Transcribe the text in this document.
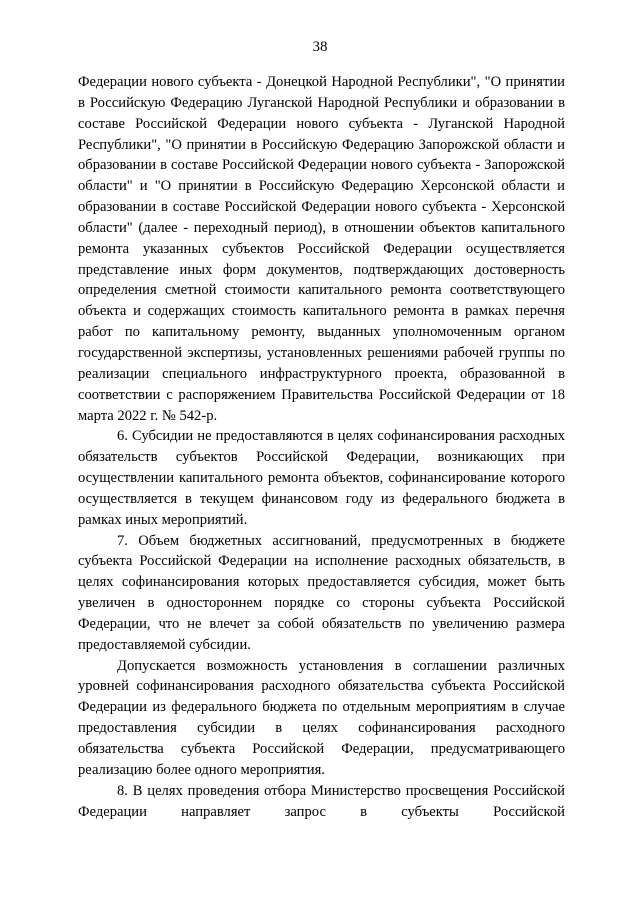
38

Федерации нового субъекта - Донецкой Народной Республики", "О принятии в Российскую Федерацию Луганской Народной Республики и образовании в составе Российской Федерации нового субъекта - Луганской Народной Республики", "О принятии в Российскую Федерацию Запорожской области и образовании в составе Российской Федерации нового субъекта - Запорожской области" и "О принятии в Российскую Федерацию Херсонской области и образовании в составе Российской Федерации нового субъекта - Херсонской области" (далее - переходный период), в отношении объектов капитального ремонта указанных субъектов Российской Федерации осуществляется представление иных форм документов, подтверждающих достоверность определения сметной стоимости капитального ремонта соответствующего объекта и содержащих стоимость капитального ремонта в рамках перечня работ по капитальному ремонту, выданных уполномоченным органом государственной экспертизы, установленных решениями рабочей группы по реализации специального инфраструктурного проекта, образованной в соответствии с распоряжением Правительства Российской Федерации от 18 марта 2022 г. № 542-р.

6. Субсидии не предоставляются в целях софинансирования расходных обязательств субъектов Российской Федерации, возникающих при осуществлении капитального ремонта объектов, софинансирование которого осуществляется в текущем финансовом году из федерального бюджета в рамках иных мероприятий.

7. Объем бюджетных ассигнований, предусмотренных в бюджете субъекта Российской Федерации на исполнение расходных обязательств, в целях софинансирования которых предоставляется субсидия, может быть увеличен в одностороннем порядке со стороны субъекта Российской Федерации, что не влечет за собой обязательств по увеличению размера предоставляемой субсидии.

Допускается возможность установления в соглашении различных уровней софинансирования расходного обязательства субъекта Российской Федерации из федерального бюджета по отдельным мероприятиям в случае предоставления субсидии в целях софинансирования расходного обязательства субъекта Российской Федерации, предусматривающего реализацию более одного мероприятия.

8. В целях проведения отбора Министерство просвещения Российской Федерации направляет запрос в субъекты Российской
